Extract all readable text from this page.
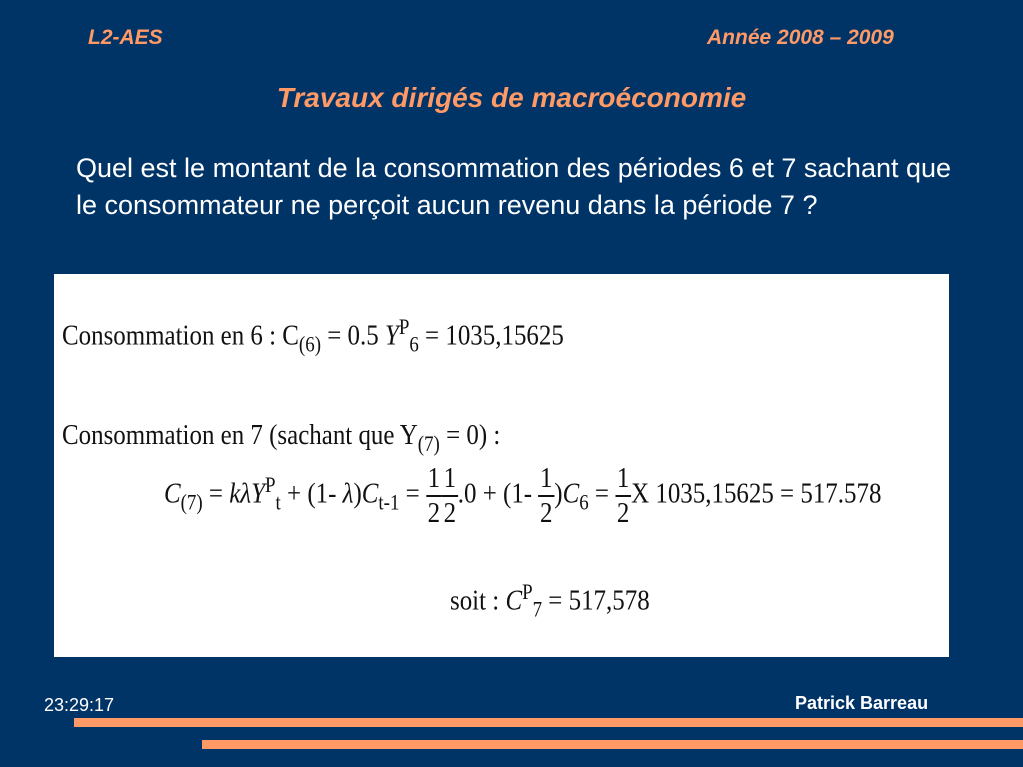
L2-AES	Année 2008 – 2009
Travaux dirigés de macroéconomie
Quel est le montant de la consommation des périodes 6 et 7 sachant que le consommateur ne perçoit aucun revenu dans la période 7 ?
Consommation en 6 : $C_{(6)} = 0.5$ $Y^P_6 = 1035,15625$
Consommation en 7 (sachant que $Y_{(7)} = 0$) :
$C_{(7)} = k\lambda Y^P_t + (1-$ $\lambda)C_{t-1} = \frac{1}{2} \frac{1}{2} .0 + (1- \frac{1}{2} )C_6 = \frac{1}{2}$ X 1035,15625 = 517.578
soit : $C^P_7 = 517,578$
23:29:17	Patrick Barreau
